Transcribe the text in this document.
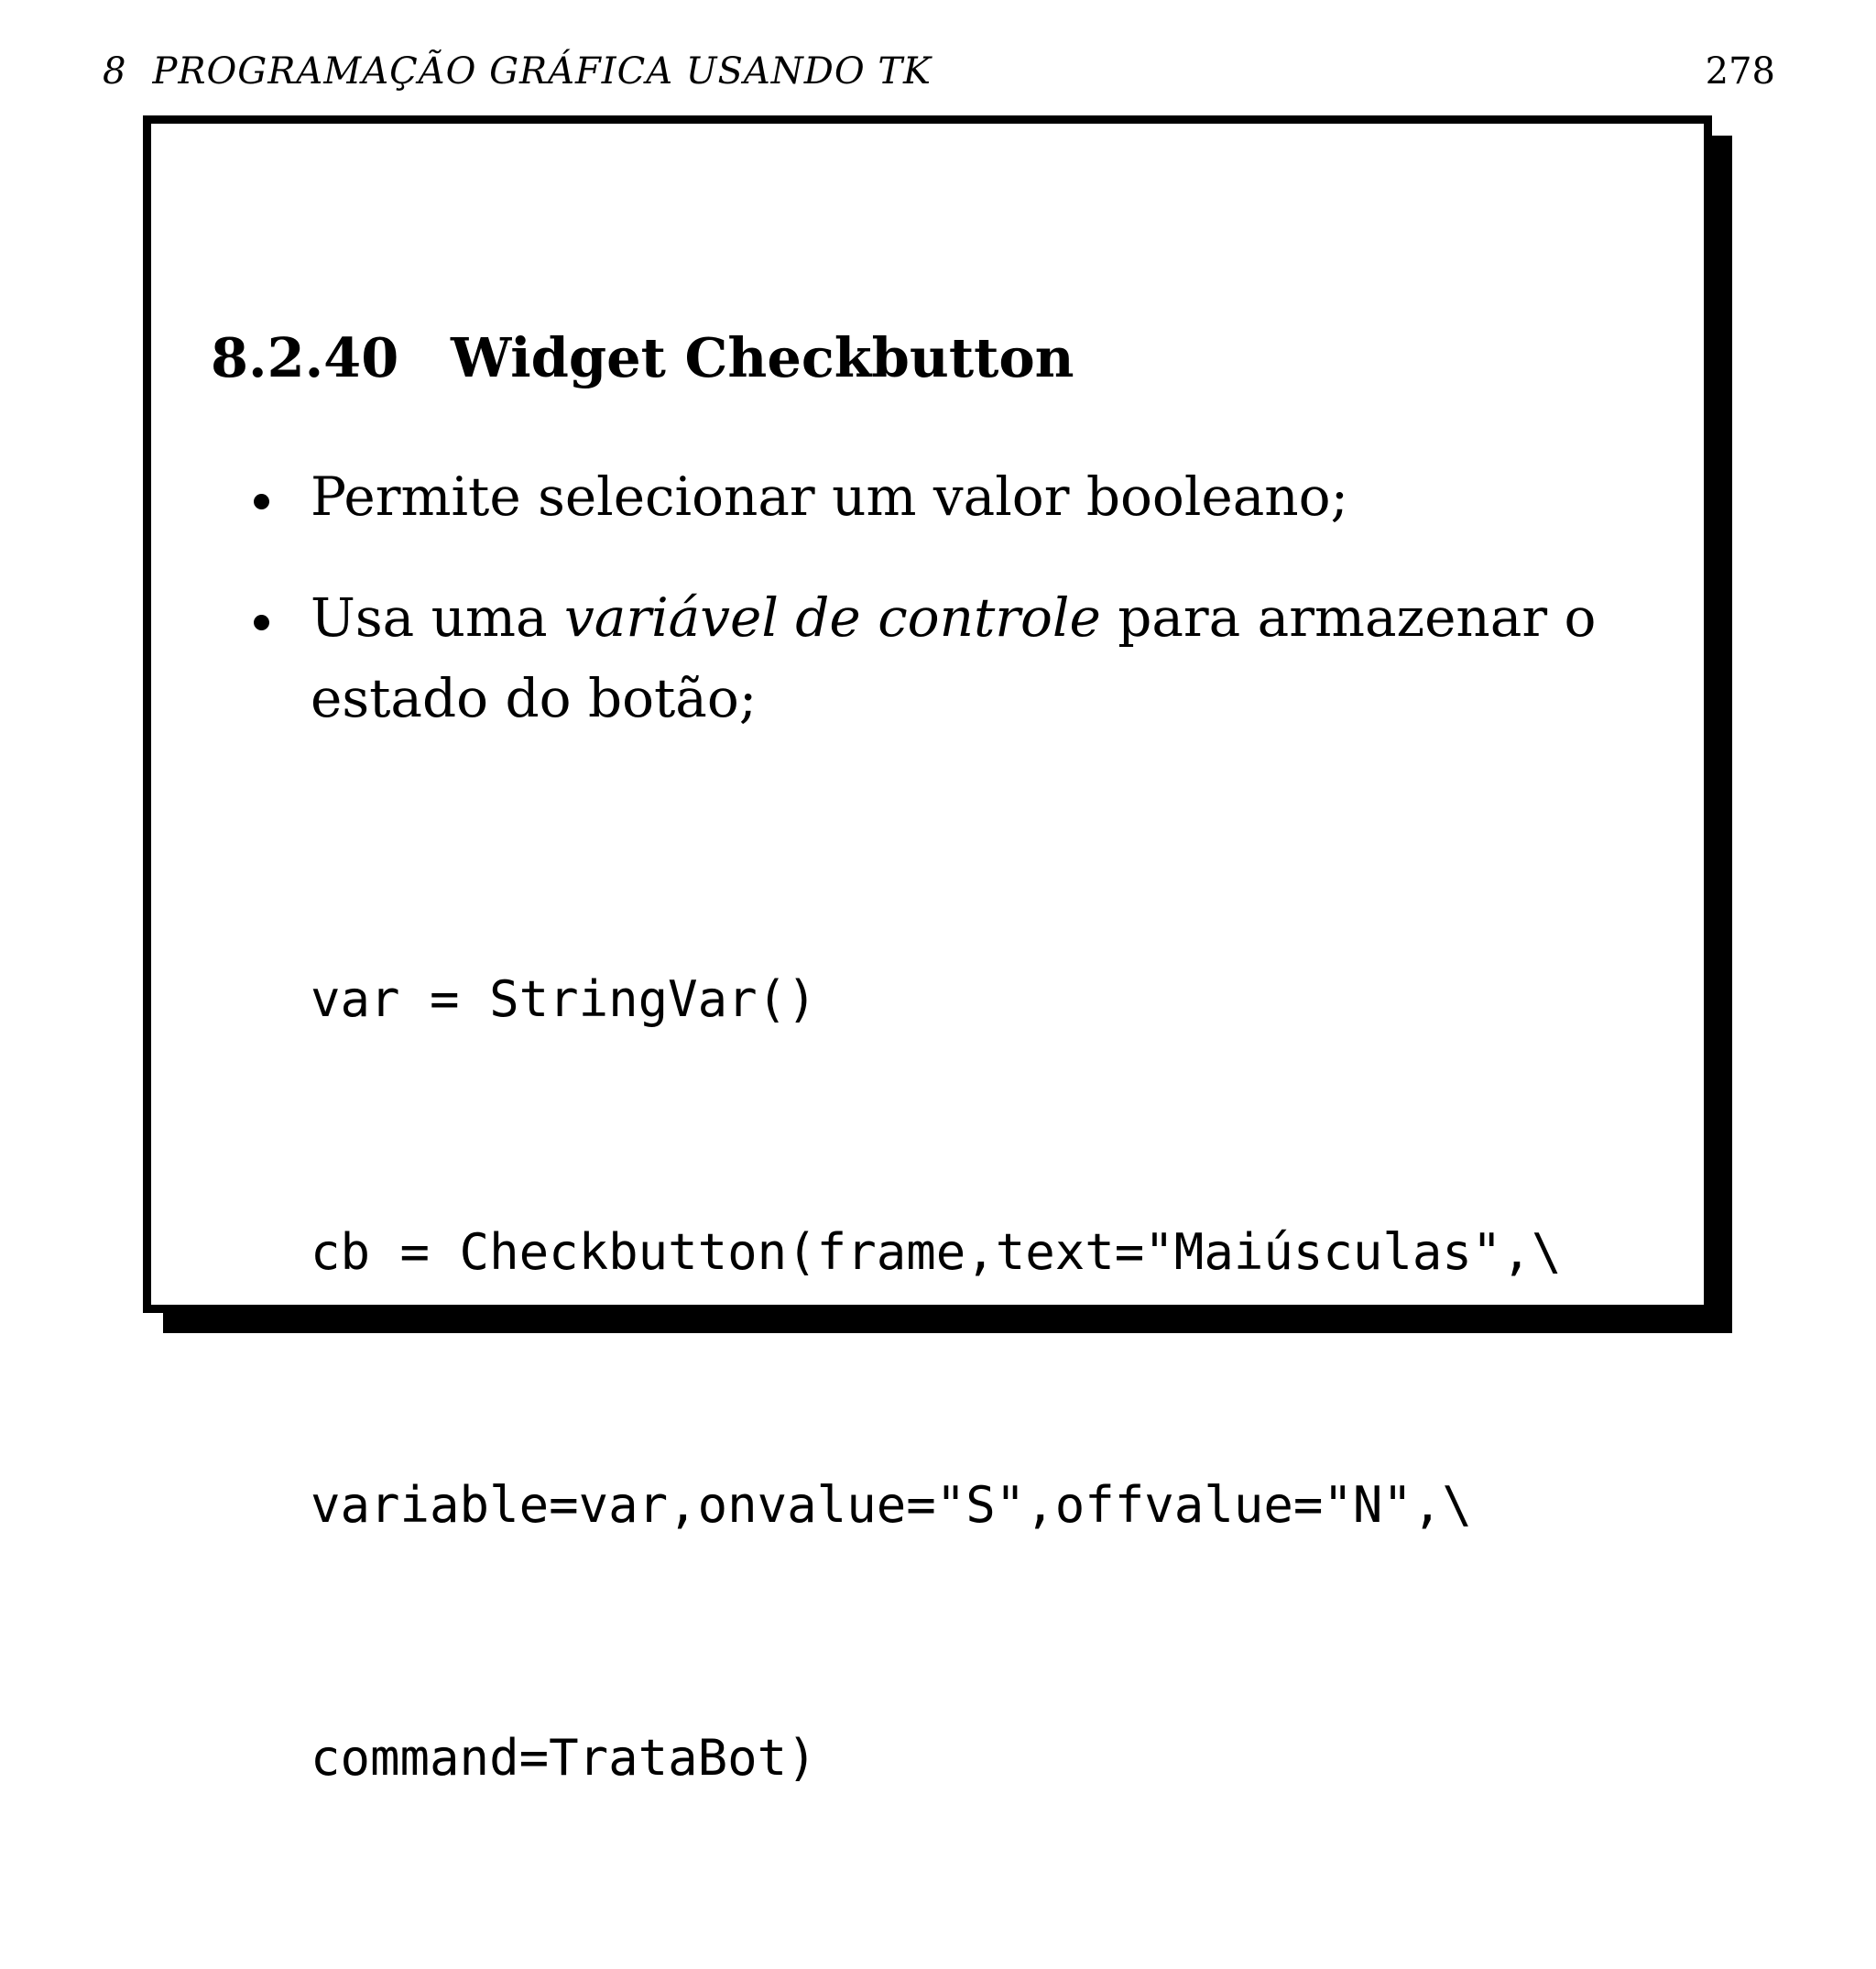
8 PROGRAMAÇÃO GRÁFICA USANDO TK	278
8.2.40 Widget Checkbutton
Permite selecionar um valor booleano;
Usa uma variável de controle para armazenar o
estado do botão;

var = StringVar()

cb = Checkbutton(frame,text="Maiúsculas",\

variable=var,onvalue="S",offvalue="N",\

command=TrataBot)
